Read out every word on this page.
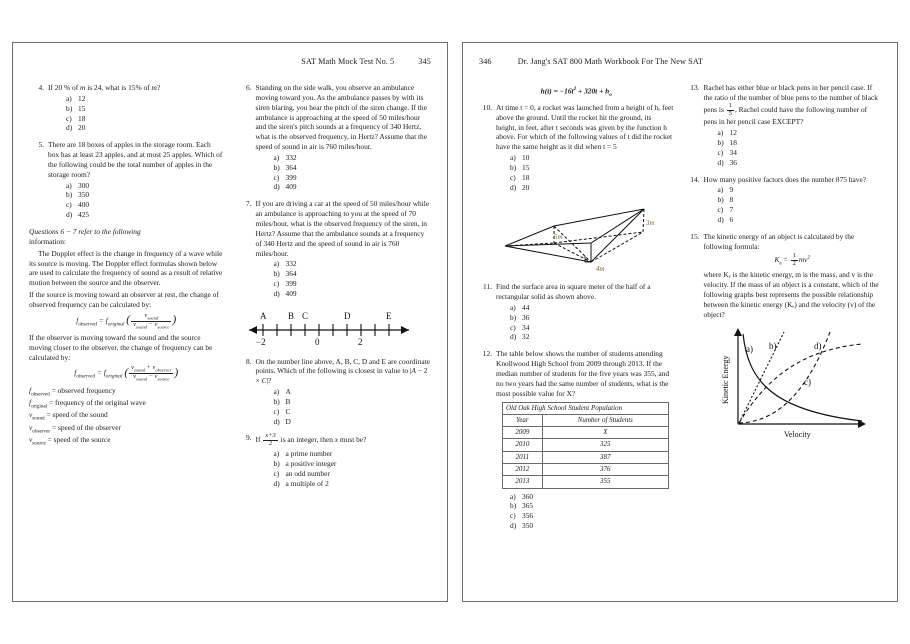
SAT Math Mock Test No. 5	345
4. If 20 % of m is 24, what is 15% of m?
a) 12
b) 15
c) 18
d) 20
5. There are 18 boxes of apples in the storage room. Each box has at least 23 apples, and at most 25 apples. Which of the following could be the total number of apples in the storage room?
a) 300
b) 350
c) 400
d) 425
Questions 6 − 7 refer to the following
information:

The Doppler effect is the change in frequency of a wave while its source is moving. The Doppler effect formulas shown below are used to calculate the frequency of sound as a result of relative motion between the source and the observer.

If the source is moving toward an observer at rest, the change of observed frequency can be calculated by:

$f_{observed} = f_{original}$ ( $\frac{v_{sound}}{v_{sound} - v_{source}}$ )

If the observer is moving toward the sound and the source moving closer to the observer, the change of frequency can be calculated by:

$f_{observed} = f_{original}$ ( $\frac{v_{sound} + v_{observer}}{v_{sound} - v_{source}}$ )
$f_{observed}$ = observed frequency
$f_{original}$ = frequency of the original wave
$v_{sound}$ = speed of the sound
$v_{observer}$ = speed of the observer
$v_{source}$ = speed of the source
6. Standing on the side walk, you observe an ambulance moving toward you. As the ambulance passes by with its siren blaring, you hear the pitch of the siren change. If the ambulance is approaching at the speed of 50 miles/hour and the siren's pitch sounds at a frequency of 340 Hertz, what is the observed frequency, in Hertz? Assume that the speed of sound in air is 760 miles/hour.
a) 332
b) 364
c) 399
d) 409
7. If you are driving a car at the speed of 50 miles/hour while an ambulance is approaching to you at the speed of 70 miles/hour, what is the observed frequency of the siren, in Hertz? Assume that the ambulance sounds at a frequency of 340 Hertz and the speed of sound in air is 760 miles/hour.
a) 332
b) 364
c) 399
d) 409
A B C	D	E
−2	0	2
8. On the number line above, A, B, C, D and E are coordinate points. Which of the following is closest in value to |A − 2 × C|?
a) A
b) B
c) C
d) D
9. If $\frac{x+3}{2}$ is an integer, then x must be?
a) a prime number
b) a positive integer
c) an odd number
d) a multiple of 2
346	Dr. Jang's SAT 800 Math Workbook For The New SAT
$h(t) = -16t^2 + 320t + h_o$
10. At time t = 0, a rocket was launched from a height of hₒ feet above the ground. Until the rocket hit the ground, its height, in feet, after t seconds was given by the function h above. For which of the following values of t did the rocket have the same height as it did when t = 5
a) 10
b) 15
c) 18
d) 20
3m
4m
5m
11. Find the surface area in square meter of the half of a rectangular solid as shown above.
a) 44
b) 36
c) 34
d) 32
12. The table below shows the number of students attending Knollwood High School from 2009 through 2013. If the median number of students for the five years was 355, and no two years had the same number of students, what is the most possible value for X?
Old Oak High School Student Population	
Year	Number of Students
2009	X
2010	325
2011	387
2012	376
2013	355
a) 360
b) 365
c) 356
d) 350
13. Rachel has either blue or black pens in her pencil case. If the ratio of the number of blue pens to the number of black pens is $\frac{1}{5}$ , Rachel could have the following number of pens in her pencil case EXCEPT?
a) 12
b) 18
c) 34
d) 36
14. How many positive factors does the number 875 have?
a) 9
b) 8
c) 7
d) 6
15. The kinetic energy of an object is calculated by the following formula:
$K_e = \frac{1}{2} mv^2$
where Kₑ is the kinetic energy, m is the mass, and v is the velocity. If the mass of an object is a constant, which of the following graphs best represents the possible relationship between the kinetic energy (Kₑ) and the velocity (v) of the object?
a) b)
c)
d)
Kinetic Energy
Velocity
